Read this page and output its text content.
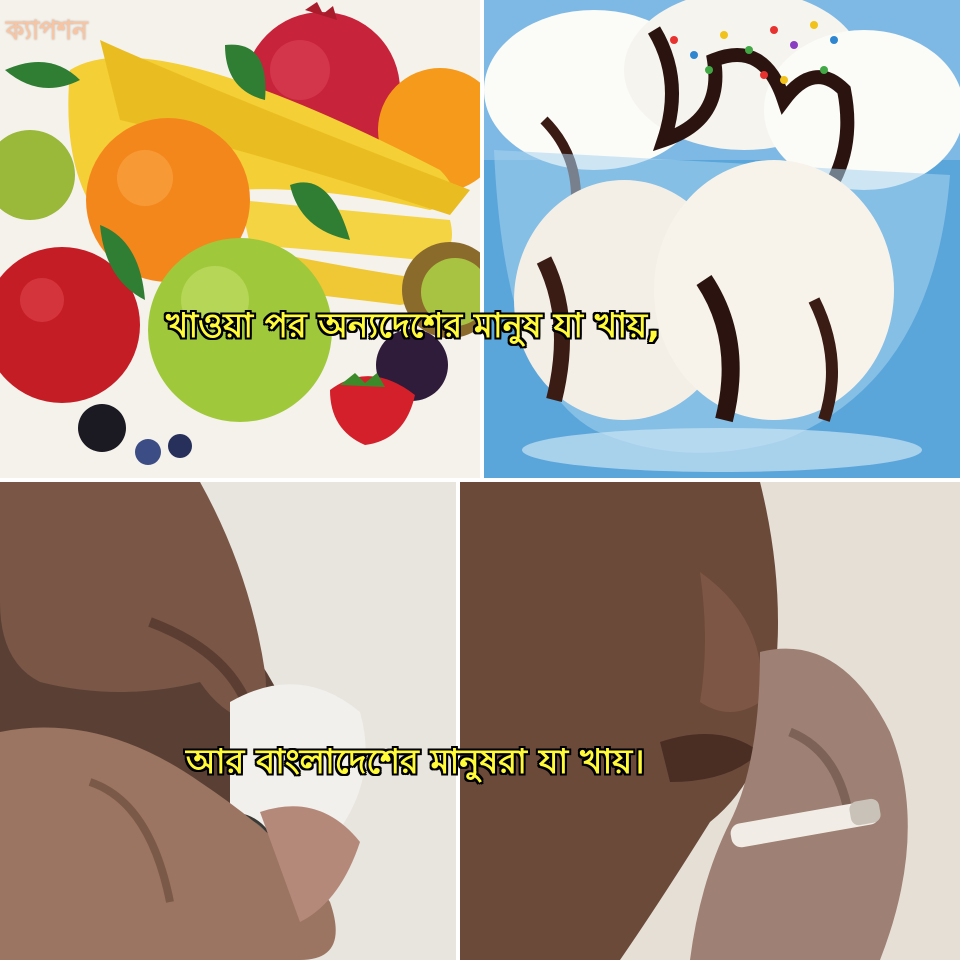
ক্যাপশন
খাওয়া পর অন্যদেশের মানুষ যা খায়,
আর বাংলাদেশের মানুষরা যা খায়।
